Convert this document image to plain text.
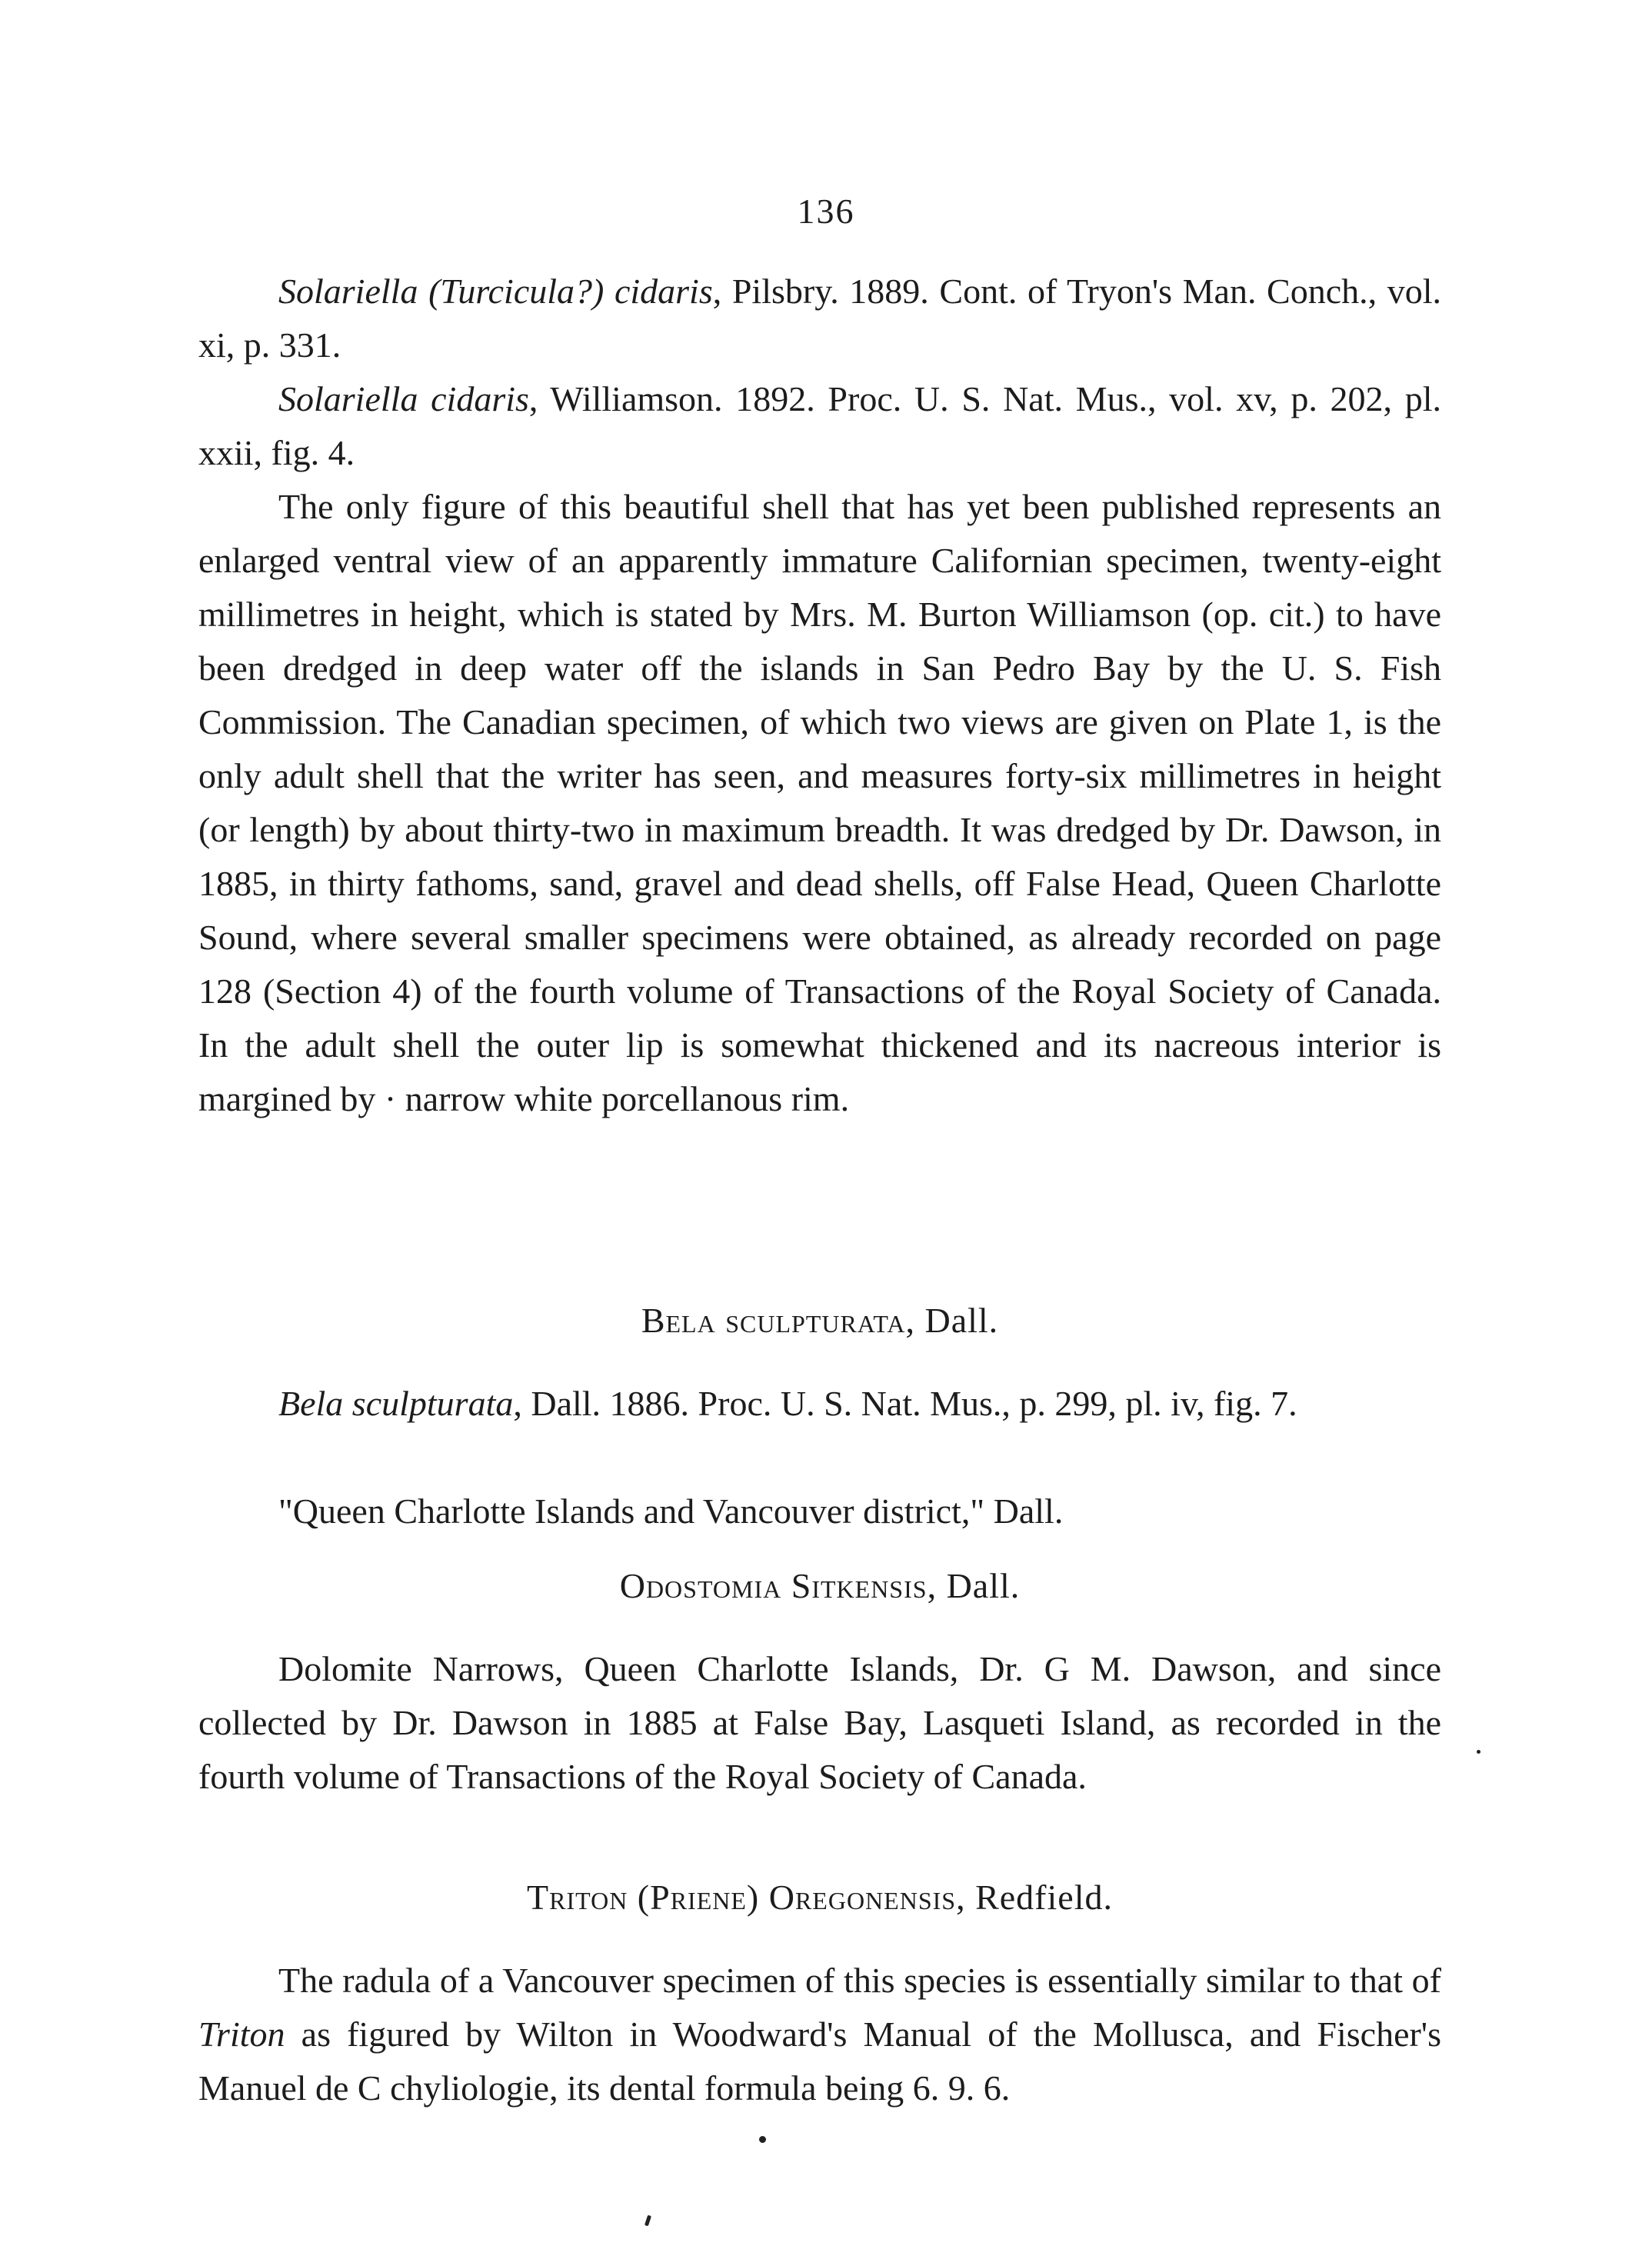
136

Solariella (Turcicula?) cidaris, Pilsbry. 1889. Cont. of Tryon's Man. Conch., vol. xi, p. 331.

Solariella cidaris, Williamson. 1892. Proc. U. S. Nat. Mus., vol. xv, p. 202, pl. xxii, fig. 4.

The only figure of this beautiful shell that has yet been published represents an enlarged ventral view of an apparently immature Californian specimen, twenty-eight millimetres in height, which is stated by Mrs. M. Burton Williamson (op. cit.) to have been dredged in deep water off the islands in San Pedro Bay by the U. S. Fish Commission. The Canadian specimen, of which two views are given on Plate 1, is the only adult shell that the writer has seen, and measures forty-six millimetres in height (or length) by about thirty-two in maximum breadth. It was dredged by Dr. Dawson, in 1885, in thirty fathoms, sand, gravel and dead shells, off False Head, Queen Charlotte Sound, where several smaller specimens were obtained, as already recorded on page 128 (Section 4) of the fourth volume of Transactions of the Royal Society of Canada. In the adult shell the outer lip is somewhat thickened and its nacreous interior is margined by · narrow white porcellanous rim.

Bela sculpturata, Dall.

Bela sculpturata, Dall. 1886. Proc. U. S. Nat. Mus., p. 299, pl. iv, fig. 7.

"Queen Charlotte Islands and Vancouver district," Dall.

Odostomia Sitkensis, Dall.

Dolomite Narrows, Queen Charlotte Islands, Dr. G M. Dawson, and since collected by Dr. Dawson in 1885 at False Bay, Lasqueti Island, as recorded in the fourth volume of Transactions of the Royal Society of Canada.

Triton (Priene) Oregonensis, Redfield.

The radula of a Vancouver specimen of this species is essentially similar to that of Triton as figured by Wilton in Woodward's Manual of the Mollusca, and Fischer's Manuel de C chyliologie, its dental formula being 6. 9. 6.
